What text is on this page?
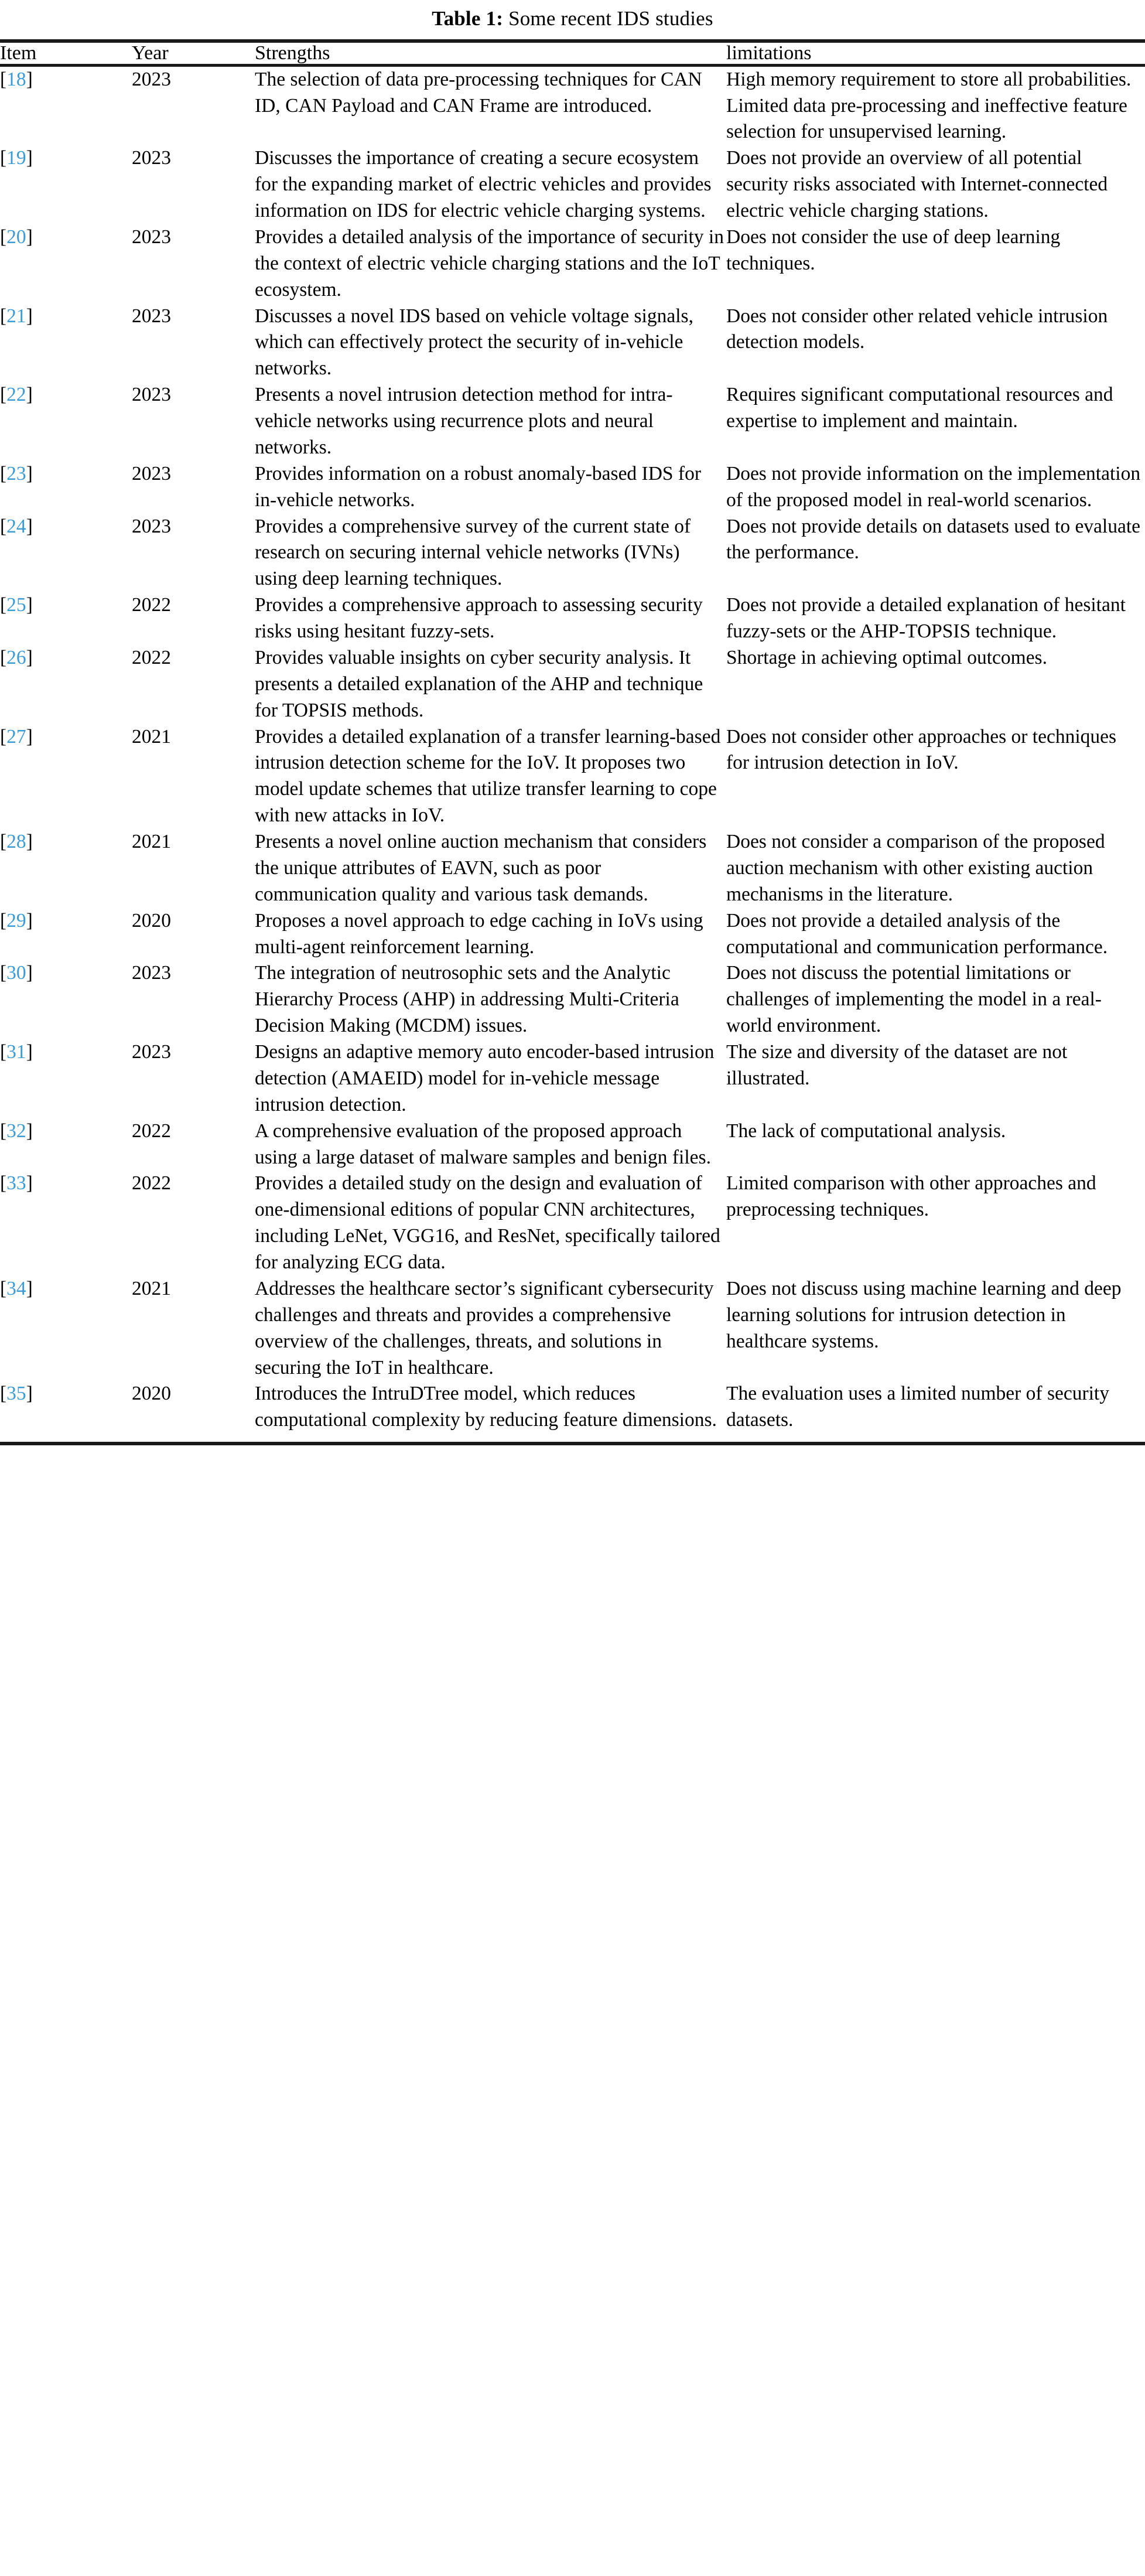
Table 1: Some recent IDS studies
Item	Year	Strengths	limitations
[18]	2023	The selection of data pre-processing techniques for CAN ID, CAN Payload and CAN Frame are introduced.	High memory requirement to store all probabilities. Limited data pre-processing and ineffective feature selection for unsupervised learning.
[19]	2023	Discusses the importance of creating a secure ecosystem for the expanding market of electric vehicles and provides information on IDS for electric vehicle charging systems.	Does not provide an overview of all potential security risks associated with Internet-connected electric vehicle charging stations.
[20]	2023	Provides a detailed analysis of the importance of security in the context of electric vehicle charging stations and the IoT ecosystem.	Does not consider the use of deep learning techniques.
[21]	2023	Discusses a novel IDS based on vehicle voltage signals, which can effectively protect the security of in-vehicle networks.	Does not consider other related vehicle intrusion detection models.
[22]	2023	Presents a novel intrusion detection method for intra-vehicle networks using recurrence plots and neural networks.	Requires significant computational resources and expertise to implement and maintain.
[23]	2023	Provides information on a robust anomaly-based IDS for in-vehicle networks.	Does not provide information on the implementation of the proposed model in real-world scenarios.
[24]	2023	Provides a comprehensive survey of the current state of research on securing internal vehicle networks (IVNs) using deep learning techniques.	Does not provide details on datasets used to evaluate the performance.
[25]	2022	Provides a comprehensive approach to assessing security risks using hesitant fuzzy-sets.	Does not provide a detailed explanation of hesitant fuzzy-sets or the AHP-TOPSIS technique.
[26]	2022	Provides valuable insights on cyber security analysis. It presents a detailed explanation of the AHP and technique for TOPSIS methods.	Shortage in achieving optimal outcomes.
[27]	2021	Provides a detailed explanation of a transfer learning-based intrusion detection scheme for the IoV. It proposes two model update schemes that utilize transfer learning to cope with new attacks in IoV.	Does not consider other approaches or techniques for intrusion detection in IoV.
[28]	2021	Presents a novel online auction mechanism that considers the unique attributes of EAVN, such as poor communication quality and various task demands.	Does not consider a comparison of the proposed auction mechanism with other existing auction mechanisms in the literature.
[29]	2020	Proposes a novel approach to edge caching in IoVs using multi-agent reinforcement learning.	Does not provide a detailed analysis of the computational and communication performance.
[30]	2023	The integration of neutrosophic sets and the Analytic Hierarchy Process (AHP) in addressing Multi-Criteria Decision Making (MCDM) issues.	Does not discuss the potential limitations or challenges of implementing the model in a real-world environment.
[31]	2023	Designs an adaptive memory auto encoder-based intrusion detection (AMAEID) model for in-vehicle message intrusion detection.	The size and diversity of the dataset are not illustrated.
[32]	2022	A comprehensive evaluation of the proposed approach using a large dataset of malware samples and benign files.	The lack of computational analysis.
[33]	2022	Provides a detailed study on the design and evaluation of one-dimensional editions of popular CNN architectures, including LeNet, VGG16, and ResNet, specifically tailored for analyzing ECG data.	Limited comparison with other approaches and preprocessing techniques.
[34]	2021	Addresses the healthcare sector’s significant cybersecurity challenges and threats and provides a comprehensive overview of the challenges, threats, and solutions in securing the IoT in healthcare.	Does not discuss using machine learning and deep learning solutions for intrusion detection in healthcare systems.
[35]	2020	Introduces the IntruDTree model, which reduces computational complexity by reducing feature dimensions.	The evaluation uses a limited number of security datasets.
